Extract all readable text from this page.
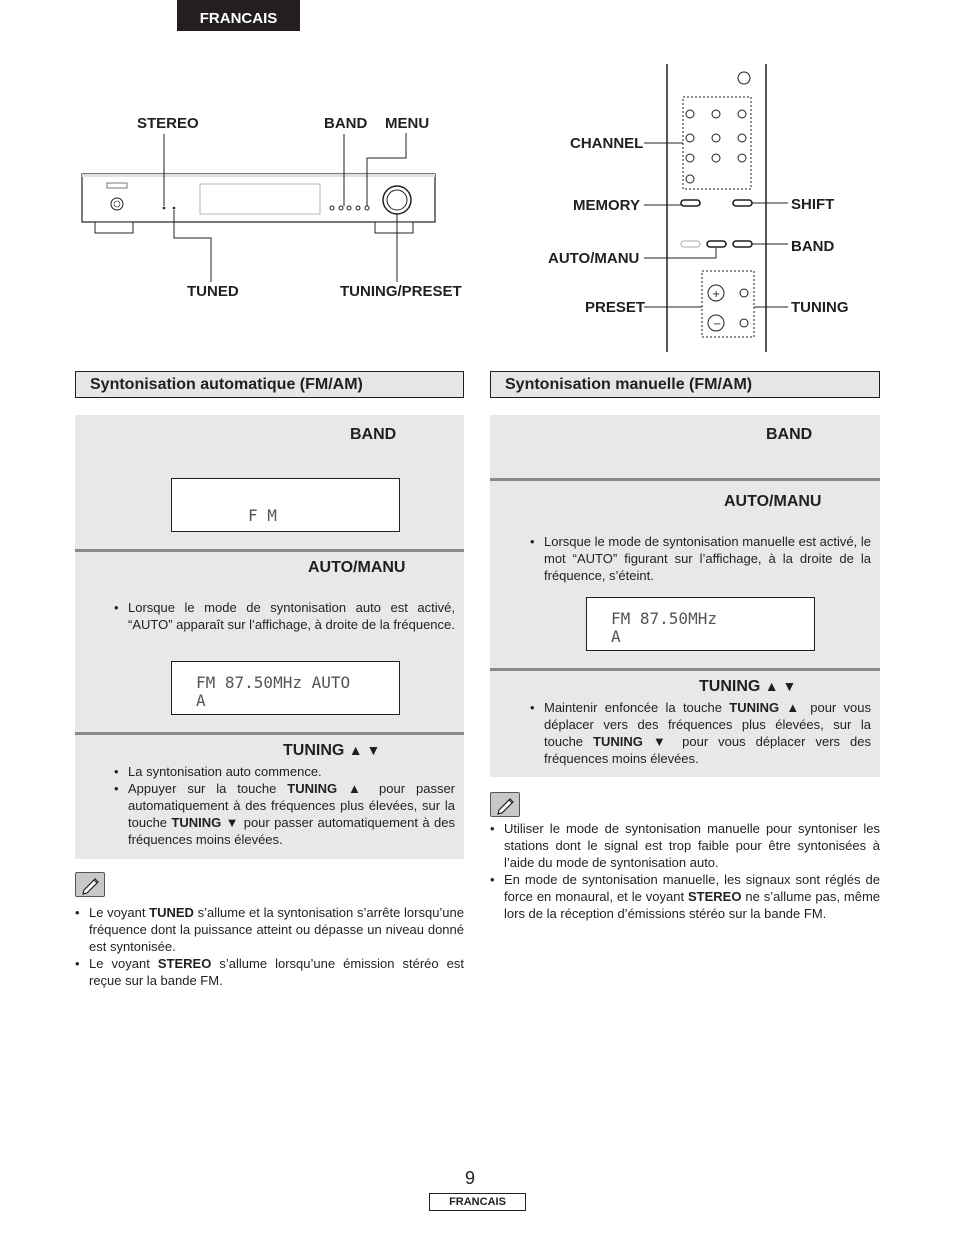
FRANCAIS
STEREO	BAND MENU
TUNED	TUNING/PRESET	+
−
CHANNEL
MEMORY
AUTO/MANU
PRESET
SHIFT
BAND
TUNING
Syntonisation automatique (FM/AM)
BAND
F M
AUTO/MANU
• Lorsque le mode de syntonisation auto est activé, “AUTO” apparaît sur l’affichage, à droite de la fréquence.
FM 87.50MHz AUTO
A
TUNING ▲ ▼
• La syntonisation auto commence.
• Appuyer sur la touche TUNING ▲ pour passer automatiquement à des fréquences plus élevées, sur la touche TUNING ▼ pour passer automatiquement à des fréquences moins élevées.
• Le voyant TUNED s’allume et la syntonisation s’arrête lorsqu’une fréquence dont la puissance atteint ou dépasse un niveau donné est syntonisée.
• Le voyant STEREO s’allume lorsqu’une émission stéréo est reçue sur la bande FM.
Syntonisation manuelle (FM/AM)
BAND
AUTO/MANU
• Lorsque le mode de syntonisation manuelle est activé, le mot “AUTO” figurant sur l’affichage, à la droite de la fréquence, s’éteint.
FM 87.50MHz
A
TUNING ▲ ▼
• Maintenir enfoncée la touche TUNING ▲ pour vous déplacer vers des fréquences plus élevées, sur la touche TUNING ▼ pour vous déplacer vers des fréquences moins élevées.
• Utiliser le mode de syntonisation manuelle pour syntoniser les stations dont le signal est trop faible pour être syntonisées à l’aide du mode de syntonisation auto.
• En mode de syntonisation manuelle, les signaux sont réglés de force en monaural, et le voyant STEREO ne s’allume pas, même lors de la réception d’émissions stéréo sur la bande FM.
9
FRANCAIS
